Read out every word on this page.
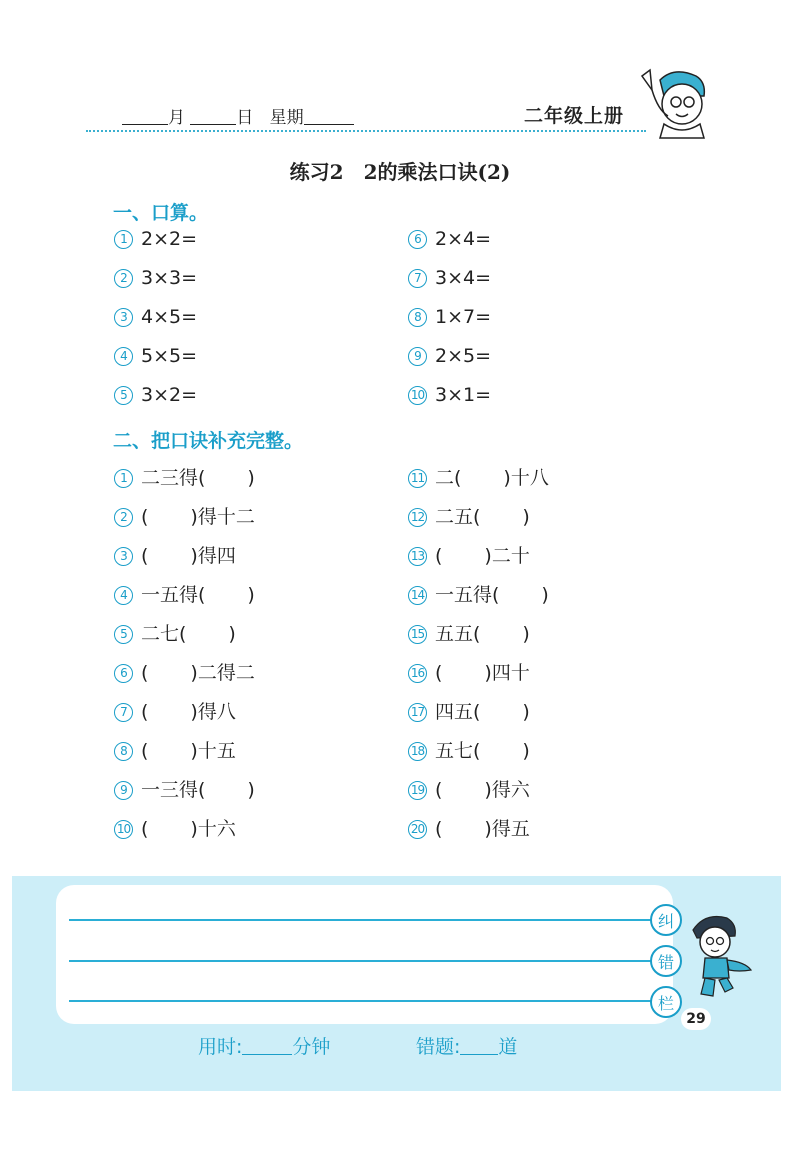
月	日 星期	二年级上册
练习2　2的乘法口诀(2)
一、口算。
1 2×2=
2 3×3=
3 4×5=
4 5×5=
5 3×2=
6 2×4=
7 3×4=
8 1×7=
9 2×5=
10 3×1=
二、把口诀补充完整。
1 二三得( )
2 ( )得十二
3 ( )得四
4 一五得( )
5 二七( )
6 ( )二得二
7 ( )得八
8 ( )十五
9 一三得( )
10 ( )十六
11 二( )十八
12 二五( )
13 ( )二十
14 一五得( )
15 五五( )
16 ( )四十
17 四五( )
18 五七( )
19 ( )得六
20 ( )得五
纠
错
栏
29
用时:	分钟	错题: 道
